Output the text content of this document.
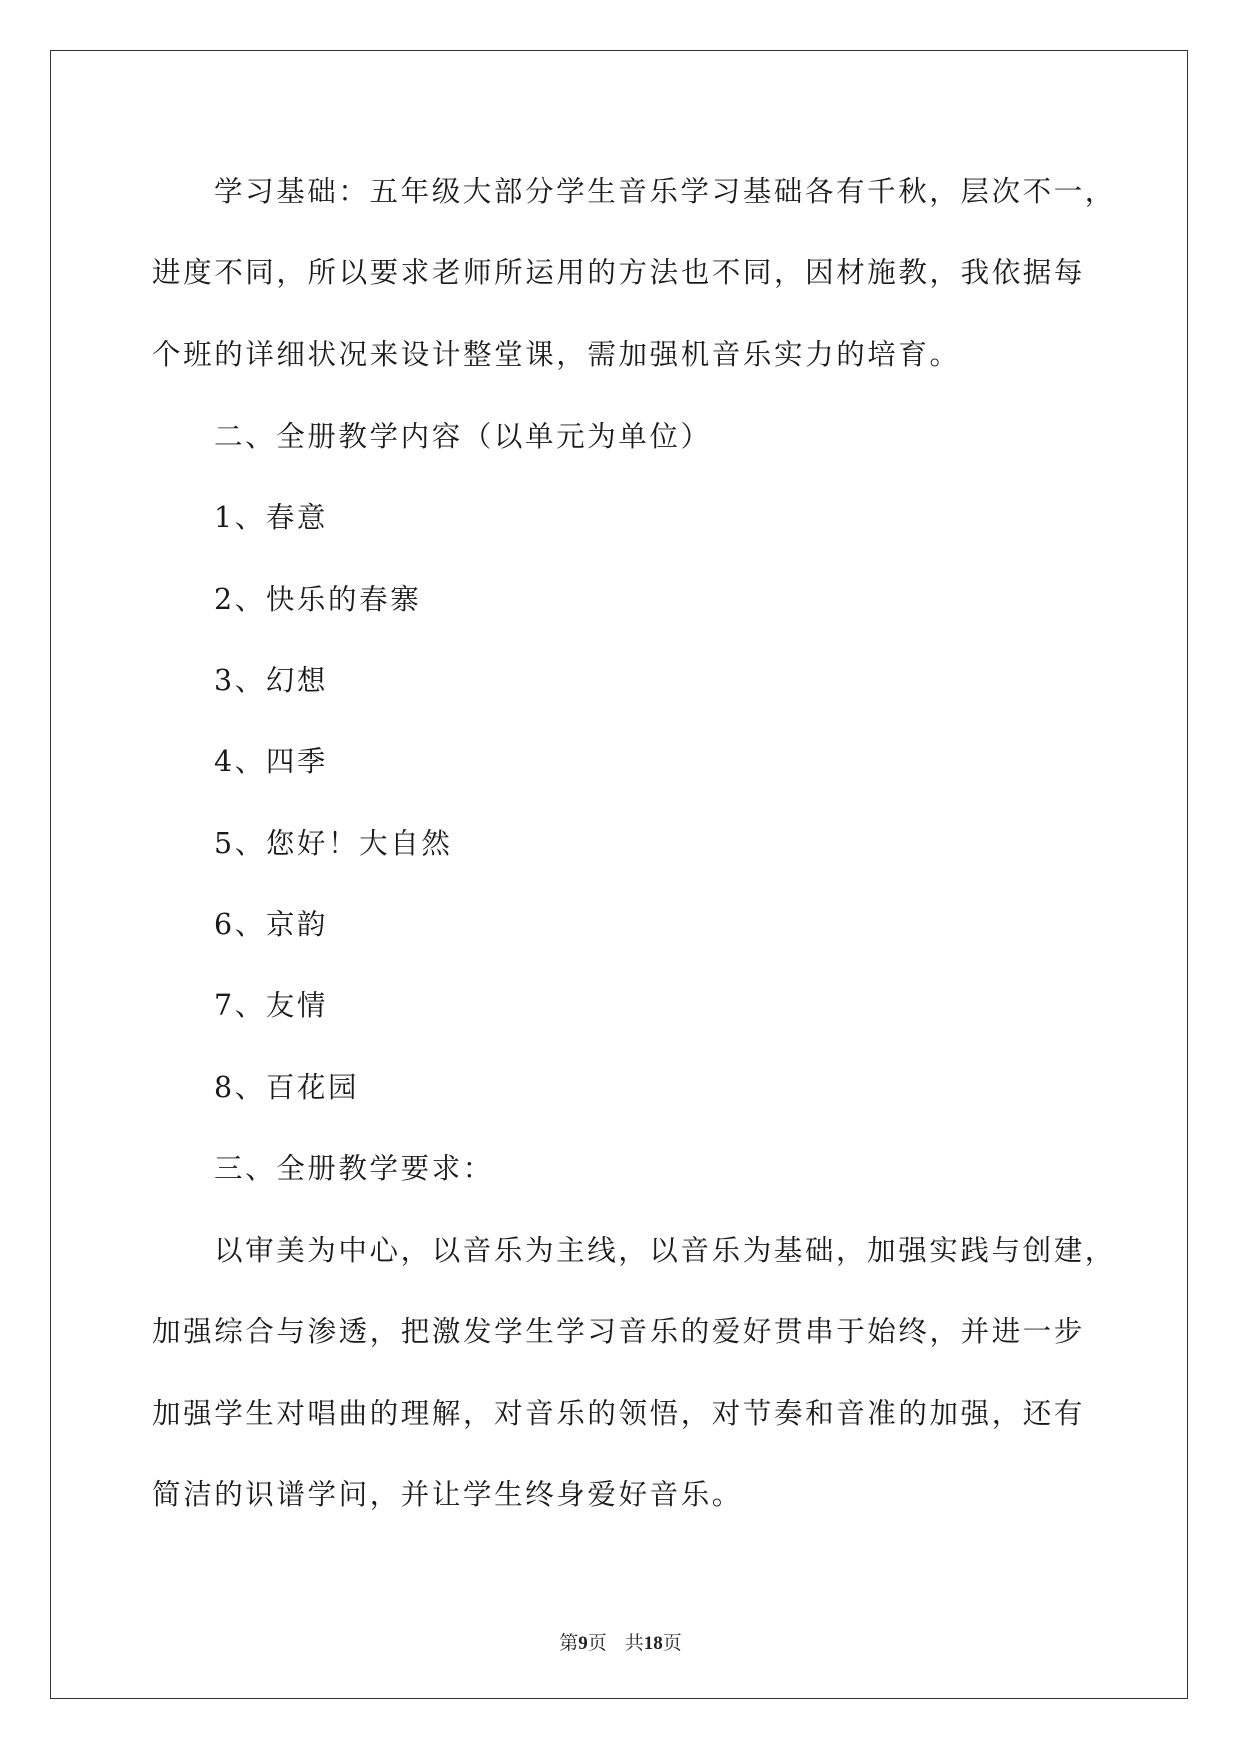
学习基础：五年级大部分学生音乐学习基础各有千秋，层次不一，
进度不同，所以要求老师所运用的方法也不同，因材施教，我依据每
个班的详细状况来设计整堂课，需加强机音乐实力的培育。
二、全册教学内容（以单元为单位）
1、春意
2、快乐的春寨
3、幻想
4、四季
5、您好！大自然
6、京韵
7、友情
8、百花园
三、全册教学要求：
以审美为中心，以音乐为主线，以音乐为基础，加强实践与创建，
加强综合与渗透，把激发学生学习音乐的爱好贯串于始终，并进一步
加强学生对唱曲的理解，对音乐的领悟，对节奏和音准的加强，还有
简洁的识谱学问，并让学生终身爱好音乐。
第9页 共18页
